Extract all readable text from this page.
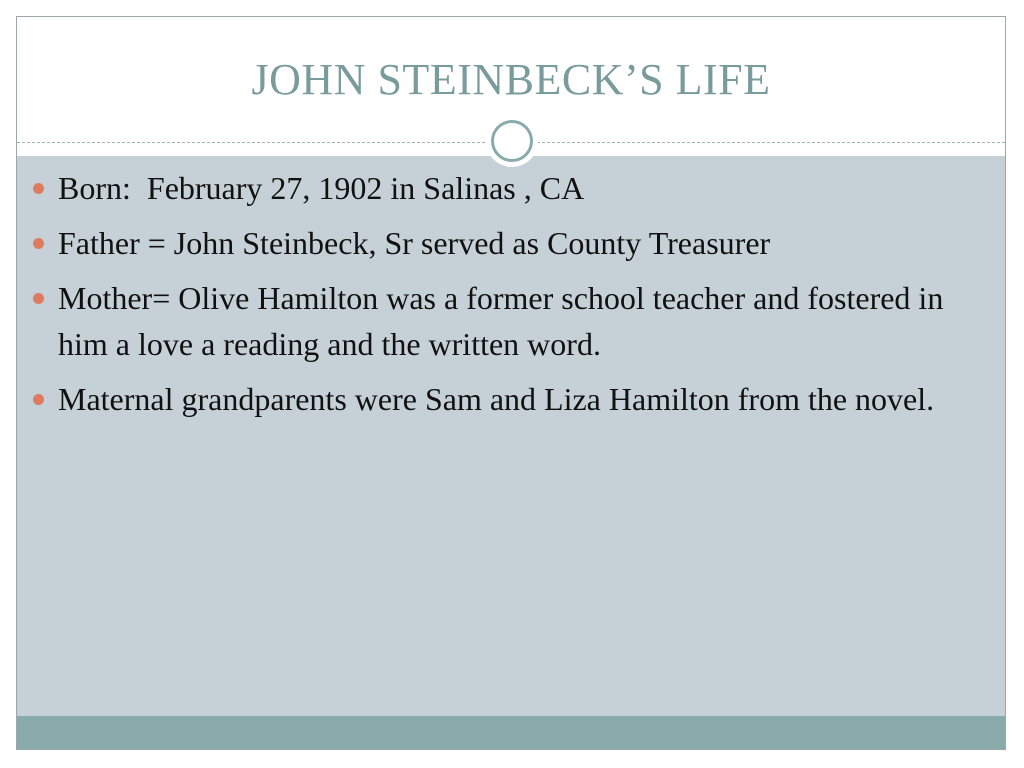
JOHN STEINBECK’S LIFE
Born:  February 27, 1902 in Salinas , CA
Father = John Steinbeck, Sr served as County Treasurer
Mother= Olive Hamilton was a former school teacher and fostered in him a love a reading and the written word.
Maternal grandparents were Sam and Liza Hamilton from the novel.
